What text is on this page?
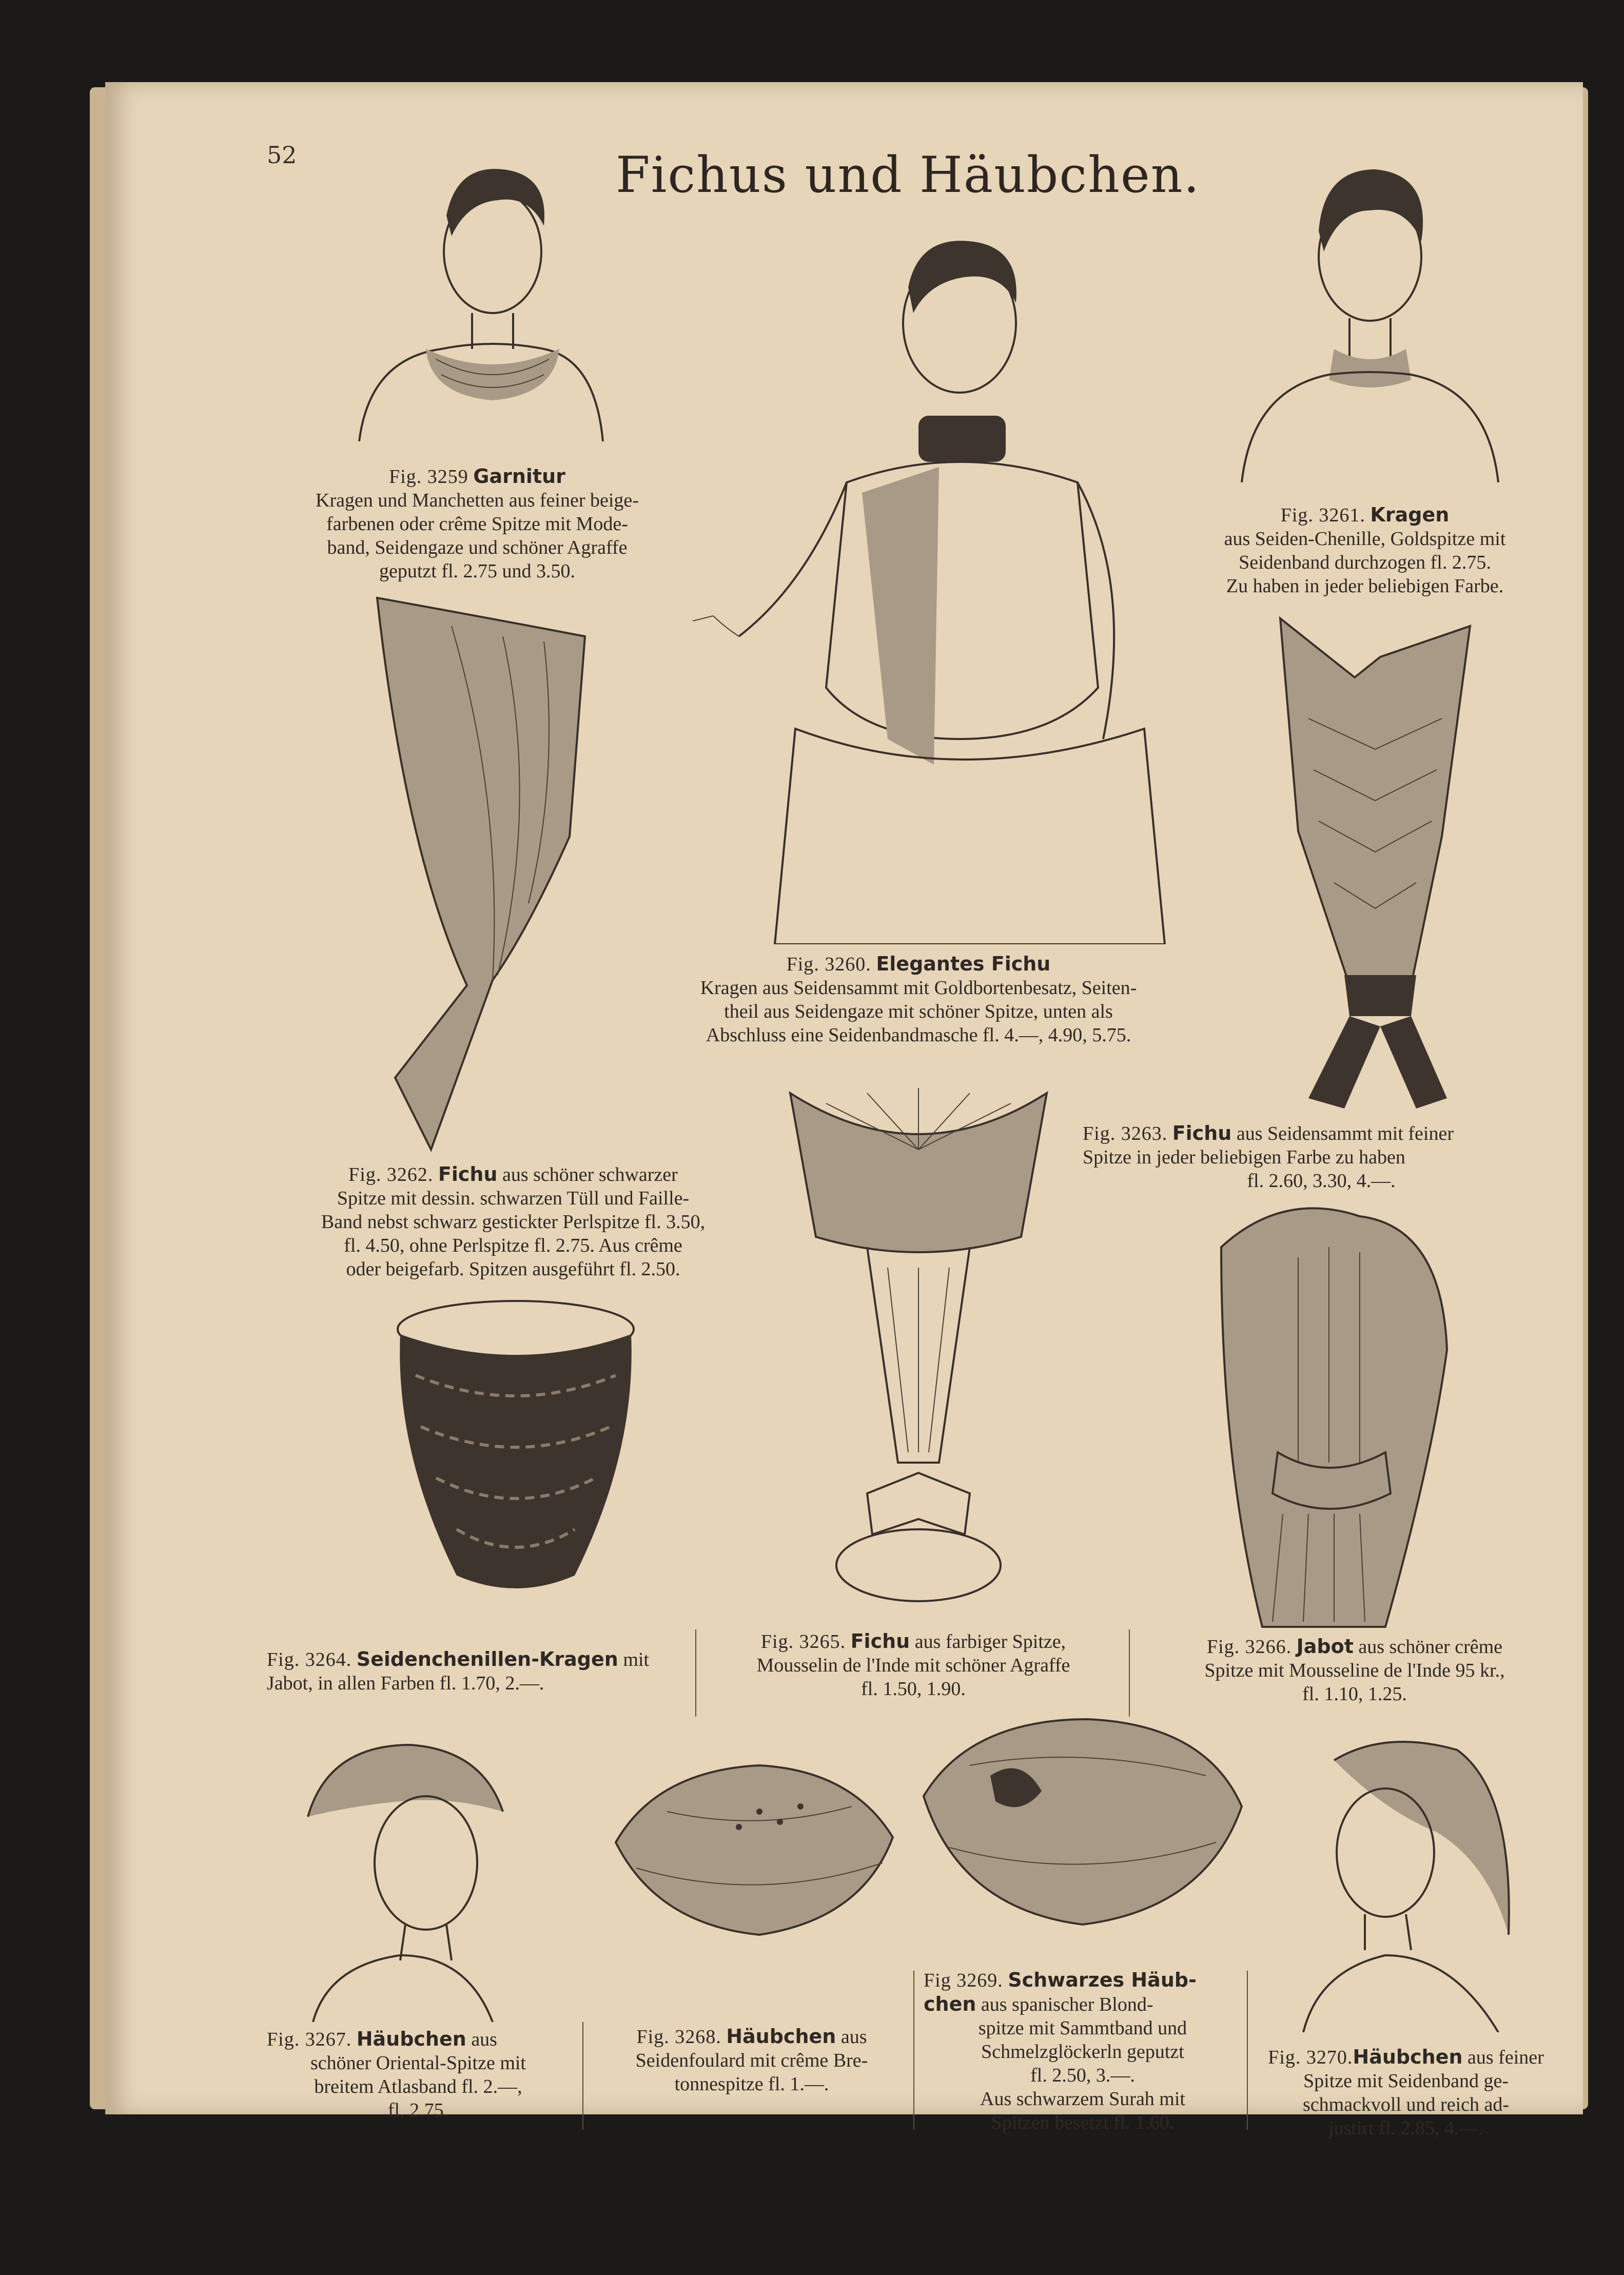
52	Fichus und Häubchen.

Fig. 3259 Garnitur

Kragen und Manchetten aus feiner beige-

farbenen oder crême Spitze mit Mode-

band, Seidengaze und schöner Agraffe

geputzt fl. 2.75 und 3.50.

Fig. 3260. Elegantes Fichu

Kragen aus Seidensammt mit Goldbortenbesatz, Seiten-

theil aus Seidengaze mit schöner Spitze, unten als

Abschluss eine Seidenbandmasche fl. 4.—, 4.90, 5.75.

Fig. 3261. Kragen

aus Seiden-Chenille, Goldspitze mit

Seidenband durchzogen fl. 2.75.

Zu haben in jeder beliebigen Farbe.

Fig. 3262. Fichu aus schöner schwarzer

Spitze mit dessin. schwarzen Tüll und Faille-

Band nebst schwarz gestickter Perlspitze fl. 3.50,

fl. 4.50, ohne Perlspitze fl. 2.75. Aus crême

oder beigefarb. Spitzen ausgeführt fl. 2.50.

Fig. 3263. Fichu aus Seidensammt mit feiner

Spitze in jeder beliebigen Farbe zu haben

fl. 2.60, 3.30, 4.—.

Fig. 3264. Seidenchenillen-Kragen mit

Jabot, in allen Farben fl. 1.70, 2.—.

Fig. 3265. Fichu aus farbiger Spitze,

Mousselin de l'Inde mit schöner Agraffe

fl. 1.50, 1.90.

Fig. 3266. Jabot aus schöner crême

Spitze mit Mousseline de l'Inde 95 kr.,

fl. 1.10, 1.25.

Fig. 3267. Häubchen aus

schöner Oriental-Spitze mit

breitem Atlasband fl. 2.—,

fl. 2.75.

Fig. 3268. Häubchen aus

Seidenfoulard mit crême Bre-

tonnespitze fl. 1.—.

Fig 3269. Schwarzes Häub-

chen aus spanischer Blond-

spitze mit Sammtband und

Schmelzglöckerln geputzt

fl. 2.50, 3.—.

Aus schwarzem Surah mit

Spitzen besetzt fl. 1.60.

Fig. 3270.Häubchen aus feiner

Spitze mit Seidenband ge-

schmackvoll und reich ad-

justirt fl. 2.85, 4.—.
